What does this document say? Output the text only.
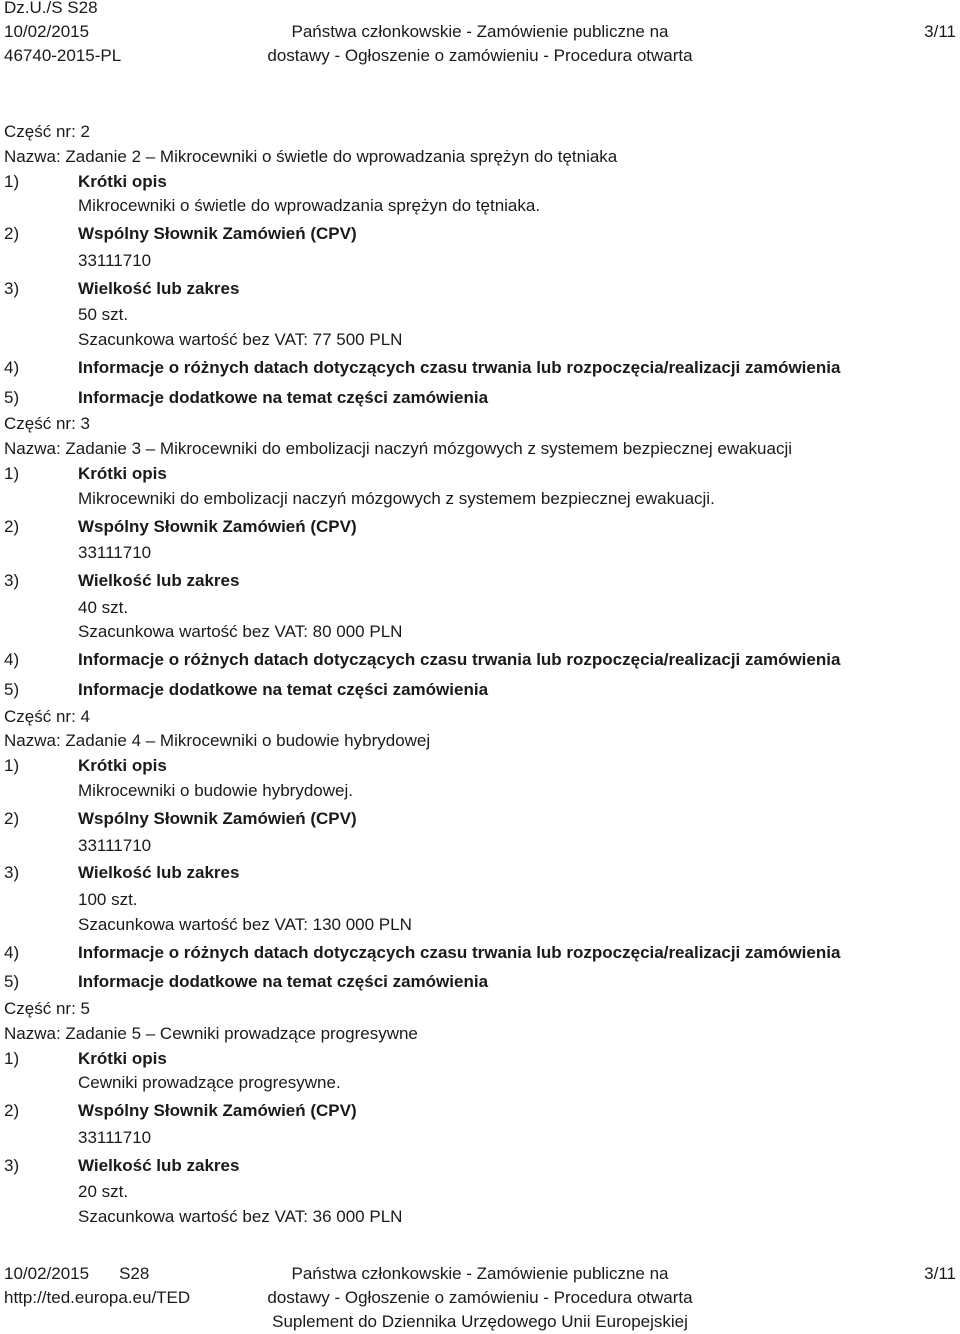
Dz.U./S S28
10/02/2015
46740-2015-PL
Państwa członkowskie - Zamówienie publiczne na
dostawy - Ogłoszenie o zamówieniu - Procedura otwarta
3/11
Część nr: 2
Nazwa: Zadanie 2 – Mikrocewniki o świetle do wprowadzania sprężyn do tętniaka
1)	Krótki opis
Mikrocewniki o świetle do wprowadzania sprężyn do tętniaka.
2)	Wspólny Słownik Zamówień (CPV)
33111710
3)	Wielkość lub zakres
50 szt.
Szacunkowa wartość bez VAT: 77 500 PLN
4)	Informacje o różnych datach dotyczących czasu trwania lub rozpoczęcia/realizacji zamówienia
5)	Informacje dodatkowe na temat części zamówienia
Część nr: 3
Nazwa: Zadanie 3 – Mikrocewniki do embolizacji naczyń mózgowych z systemem bezpiecznej ewakuacji
1)	Krótki opis
Mikrocewniki do embolizacji naczyń mózgowych z systemem bezpiecznej ewakuacji.
2)	Wspólny Słownik Zamówień (CPV)
33111710
3)	Wielkość lub zakres
40 szt.
Szacunkowa wartość bez VAT: 80 000 PLN
4)	Informacje o różnych datach dotyczących czasu trwania lub rozpoczęcia/realizacji zamówienia
5)	Informacje dodatkowe na temat części zamówienia
Część nr: 4
Nazwa: Zadanie 4 – Mikrocewniki o budowie hybrydowej
1)	Krótki opis
Mikrocewniki o budowie hybrydowej.
2)	Wspólny Słownik Zamówień (CPV)
33111710
3)	Wielkość lub zakres
100 szt.
Szacunkowa wartość bez VAT: 130 000 PLN
4)	Informacje o różnych datach dotyczących czasu trwania lub rozpoczęcia/realizacji zamówienia
5)	Informacje dodatkowe na temat części zamówienia
Część nr: 5
Nazwa: Zadanie 5 – Cewniki prowadzące progresywne
1)	Krótki opis
Cewniki prowadzące progresywne.
2)	Wspólny Słownik Zamówień (CPV)
33111710
3)	Wielkość lub zakres
20 szt.
Szacunkowa wartość bez VAT: 36 000 PLN
10/02/2015 S28
http://ted.europa.eu/TED
Państwa członkowskie - Zamówienie publiczne na
dostawy - Ogłoszenie o zamówieniu - Procedura otwarta
Suplement do Dziennika Urzędowego Unii Europejskiej
3/11
